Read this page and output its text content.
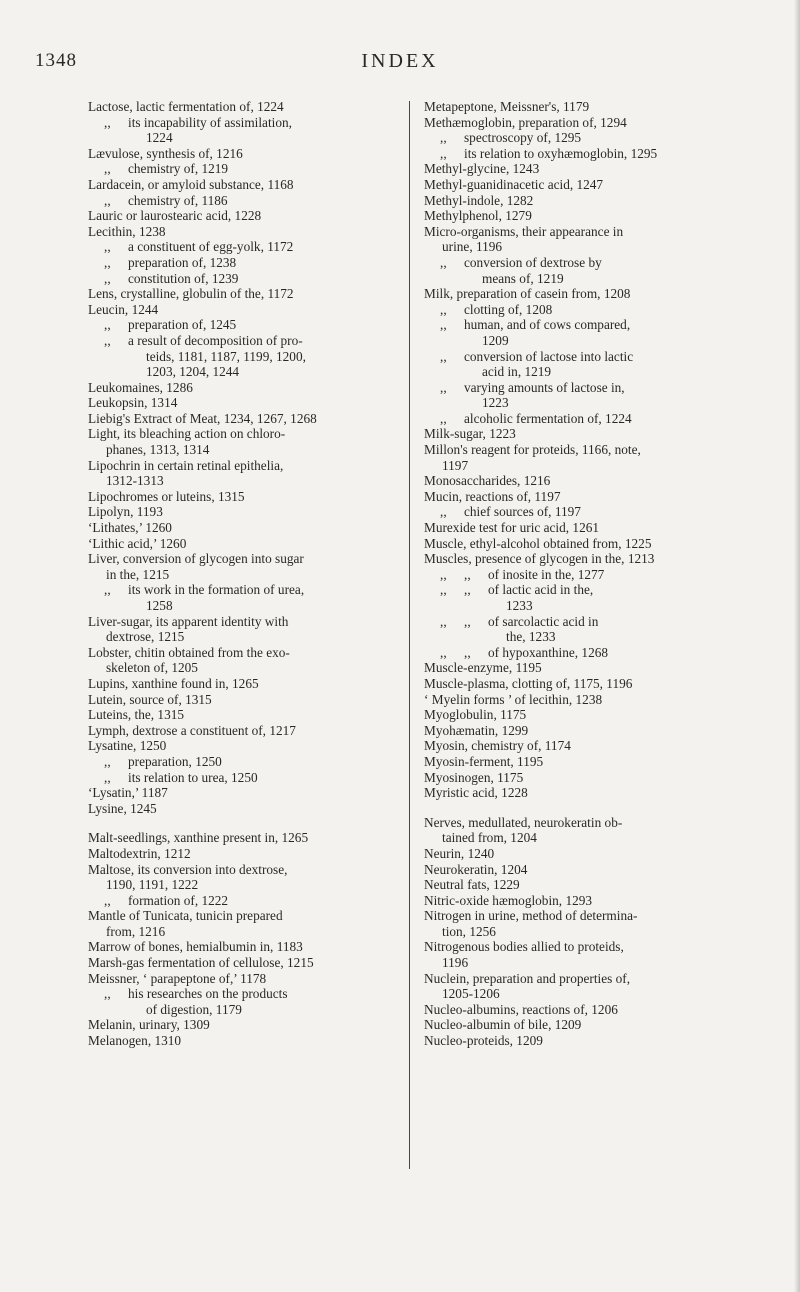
1348	INDEX
Lactose, lactic fermentation of, 1224
,, its incapability of assimilation,
1224
Lævulose, synthesis of, 1216
,, chemistry of, 1219
Lardacein, or amyloid substance, 1168
,, chemistry of, 1186
Lauric or laurostearic acid, 1228
Lecithin, 1238
,, a constituent of egg-yolk, 1172
,, preparation of, 1238
,, constitution of, 1239
Lens, crystalline, globulin of the, 1172
Leucin, 1244
,, preparation of, 1245
,, a result of decomposition of pro-
teids, 1181, 1187, 1199, 1200,
1203, 1204, 1244
Leukomaines, 1286
Leukopsin, 1314
Liebig's Extract of Meat, 1234, 1267, 1268
Light, its bleaching action on chloro-
phanes, 1313, 1314
Lipochrin in certain retinal epithelia,
1312-1313
Lipochromes or luteins, 1315
Lipolyn, 1193
‘Lithates,’ 1260
‘Lithic acid,’ 1260
Liver, conversion of glycogen into sugar
in the, 1215
,, its work in the formation of urea,
1258
Liver-sugar, its apparent identity with
dextrose, 1215
Lobster, chitin obtained from the exo-
skeleton of, 1205
Lupins, xanthine found in, 1265
Lutein, source of, 1315
Luteins, the, 1315
Lymph, dextrose a constituent of, 1217
Lysatine, 1250
,, preparation, 1250
,, its relation to urea, 1250
‘Lysatin,’ 1187
Lysine, 1245
Malt-seedlings, xanthine present in, 1265
Maltodextrin, 1212
Maltose, its conversion into dextrose,
1190, 1191, 1222
,, formation of, 1222
Mantle of Tunicata, tunicin prepared
from, 1216
Marrow of bones, hemialbumin in, 1183
Marsh-gas fermentation of cellulose, 1215
Meissner, ‘ parapeptone of,’ 1178
,, his researches on the products
of digestion, 1179
Melanin, urinary, 1309
Melanogen, 1310
Metapeptone, Meissner's, 1179
Methæmoglobin, preparation of, 1294
,, spectroscopy of, 1295
,, its relation to oxyhæmoglobin, 1295
Methyl-glycine, 1243
Methyl-guanidinacetic acid, 1247
Methyl-indole, 1282
Methylphenol, 1279
Micro-organisms, their appearance in
urine, 1196
,, conversion of dextrose by
means of, 1219
Milk, preparation of casein from, 1208
,, clotting of, 1208
,, human, and of cows compared,
1209
,, conversion of lactose into lactic
acid in, 1219
,, varying amounts of lactose in,
1223
,, alcoholic fermentation of, 1224
Milk-sugar, 1223
Millon's reagent for proteids, 1166, note,
1197
Monosaccharides, 1216
Mucin, reactions of, 1197
,, chief sources of, 1197
Murexide test for uric acid, 1261
Muscle, ethyl-alcohol obtained from, 1225
Muscles, presence of glycogen in the, 1213
,, ,, of inosite in the, 1277
,, ,, of lactic acid in the,
1233
,, ,, of sarcolactic acid in
the, 1233
,, ,, of hypoxanthine, 1268
Muscle-enzyme, 1195
Muscle-plasma, clotting of, 1175, 1196
‘ Myelin forms ’ of lecithin, 1238
Myoglobulin, 1175
Myohæmatin, 1299
Myosin, chemistry of, 1174
Myosin-ferment, 1195
Myosinogen, 1175
Myristic acid, 1228
Nerves, medullated, neurokeratin ob-
tained from, 1204
Neurin, 1240
Neurokeratin, 1204
Neutral fats, 1229
Nitric-oxide hæmoglobin, 1293
Nitrogen in urine, method of determina-
tion, 1256
Nitrogenous bodies allied to proteids,
1196
Nuclein, preparation and properties of,
1205-1206
Nucleo-albumins, reactions of, 1206
Nucleo-albumin of bile, 1209
Nucleo-proteids, 1209
